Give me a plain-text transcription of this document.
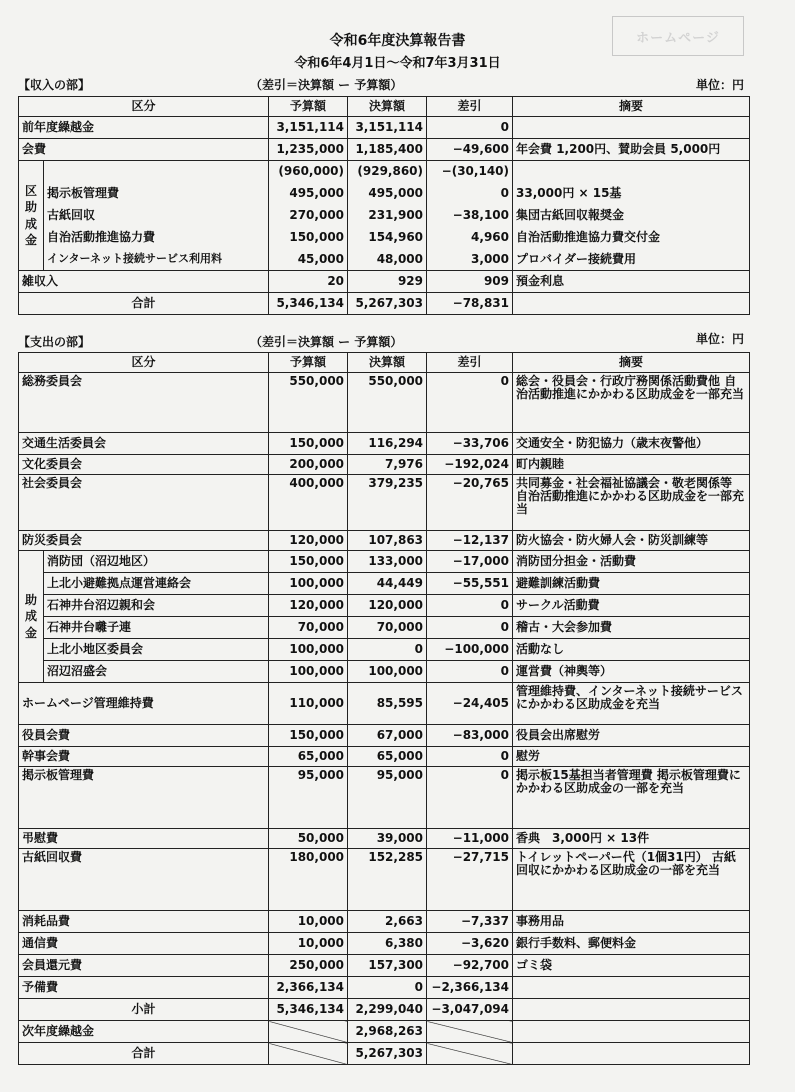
ホームページ
令和6年度決算報告書
令和6年4月1日～令和7年3月31日
【収入の部】	（差引＝決算額 ー 予算額）	単位：円
区分		予算額	決算額	差引	摘要
前年度繰越金		3,151,114	3,151,114	0	
会費		1,235,000	1,185,400	−49,600	年会費 1,200円、賛助会員 5,000円

区助成金		(960,000)	(929,860)	−(30,140)	
	掲示板管理費	495,000	495,000	0	33,000円 × 15基
	古紙回収	270,000	231,900	−38,100	集団古紙回収報奨金
	自治活動推進協力費	150,000	154,960	4,960	自治活動推進協力費交付金
	インターネット接続サービス利用料	45,000	48,000	3,000	プロバイダー接続費用
雑収入		20	929	909	預金利息
合計		5,346,134	5,267,303	−78,831	
【支出の部】	（差引＝決算額 ー 予算額）	単位：円
区分		予算額	決算額	差引	摘要
総務委員会		550,000	550,000	0	総会・役員会・行政庁務関係活動費他 自治活動推進にかかわる区助成金を一部充当
交通生活委員会		150,000	116,294	−33,706	交通安全・防犯協力（歳末夜警他）
文化委員会		200,000	7,976	−192,024	町内親睦
社会委員会		400,000	379,235	−20,765	共同募金・社会福祉協議会・敬老関係等 自治活動推進にかかわる区助成金を一部充当
防災委員会		120,000	107,863	−12,137	防火協会・防火婦人会・防災訓練等

助成金	消防団（沼辺地区）	150,000	133,000	−17,000	消防団分担金・活動費
	上北小避難拠点運営連絡会	100,000	44,449	−55,551	避難訓練活動費
	石神井台沼辺親和会	120,000	120,000	0	サークル活動費
	石神井台囃子連	70,000	70,000	0	稽古・大会参加費
	上北小地区委員会	100,000	0	−100,000	活動なし
	沼辺沼盛会	100,000	100,000	0	運営費（神輿等）
ホームページ管理維持費		110,000	85,595	−24,405	管理維持費、インターネット接続サービスにかかわる区助成金を充当
役員会費		150,000	67,000	−83,000	役員会出席慰労
幹事会費		65,000	65,000	0	慰労
掲示板管理費		95,000	95,000	0	掲示板15基担当者管理費 掲示板管理費にかかわる区助成金の一部を充当
弔慰費		50,000	39,000	−11,000	香典　3,000円 × 13件
古紙回収費		180,000	152,285	−27,715	トイレットペーパー代（1個31円） 古紙回収にかかわる区助成金の一部を充当
消耗品費		10,000	2,663	−7,337	事務用品
通信費		10,000	6,380	−3,620	銀行手数料、郵便料金
会員還元費		250,000	157,300	−92,700	ゴミ袋
予備費		2,366,134	0	−2,366,134	
小計		5,346,134	2,299,040	−3,047,094	
次年度繰越金			2,968,263		
合計			5,267,303		
